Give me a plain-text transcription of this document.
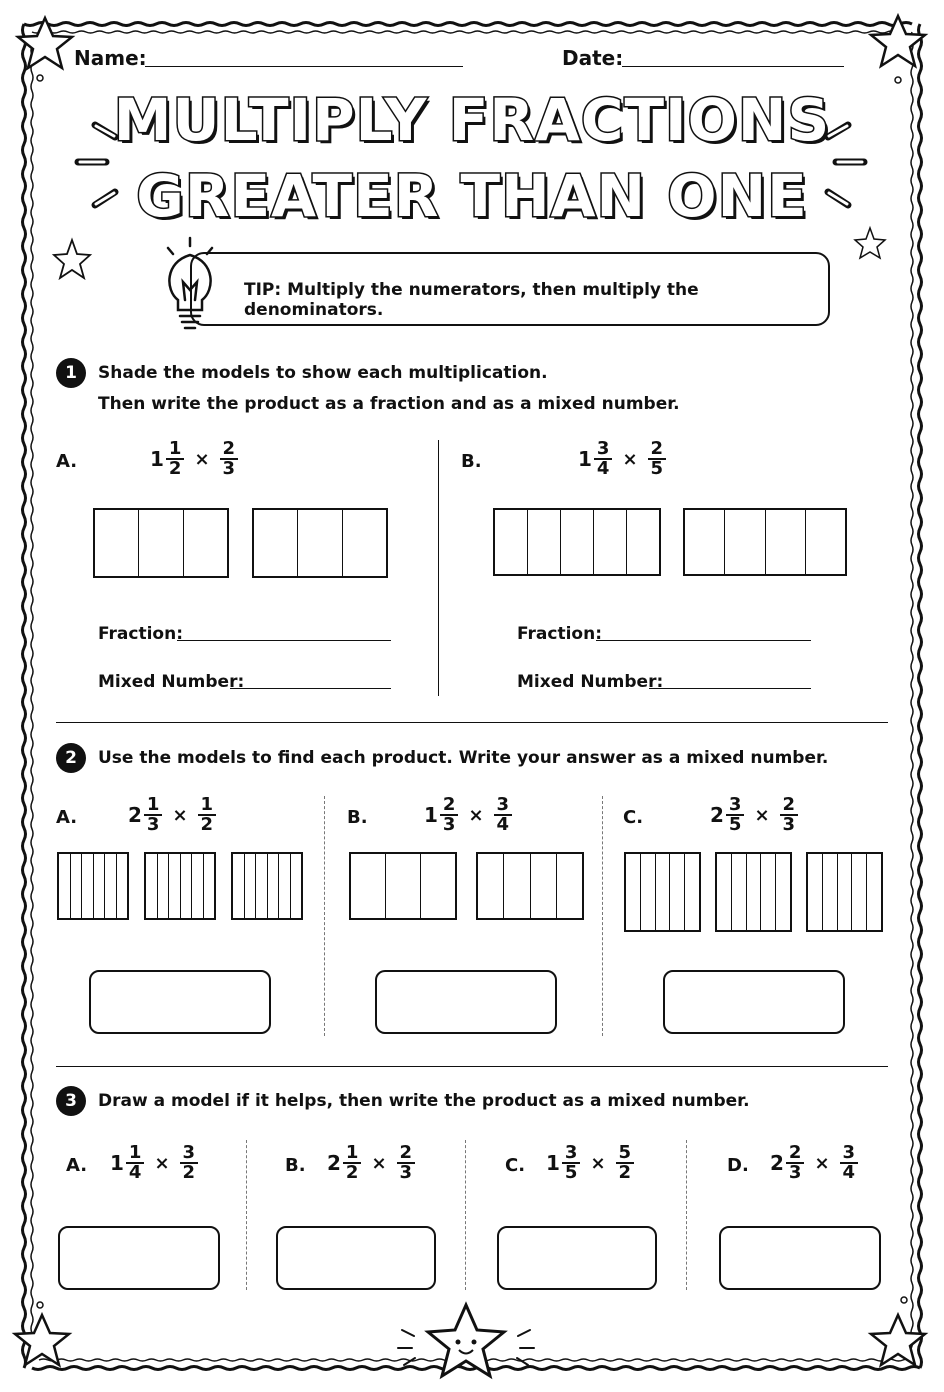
Name:	Date:
MULTIPLY FRACTIONS
GREATER THAN ONE
TIP: Multiply the numerators, then multiply the denominators.
1	Shade the models to show each multiplication.
Then write the product as a fraction and as a mixed number.
A.	$1 \frac{1}{2} \times \frac{2}{3}$
Fraction:
Mixed Number:
B.	$1 \frac{3}{4} \times \frac{2}{5}$
Fraction:
Mixed Number:
2	Use the models to find each product. Write your answer as a mixed number.
A.	$2 \frac{1}{3} \times \frac{1}{2}$	B.	$1 \frac{2}{3} \times \frac{3}{4}$	C.	$2 \frac{3}{5} \times \frac{2}{3}$
3	Draw a model if it helps, then write the product as a mixed number.
A. $1 \frac{1}{4} \times \frac{3}{2}$	B. $2 \frac{1}{2} \times \frac{2}{3}$	C. $1 \frac{3}{5} \times \frac{5}{2}$	D. $2 \frac{2}{3} \times \frac{3}{4}$
